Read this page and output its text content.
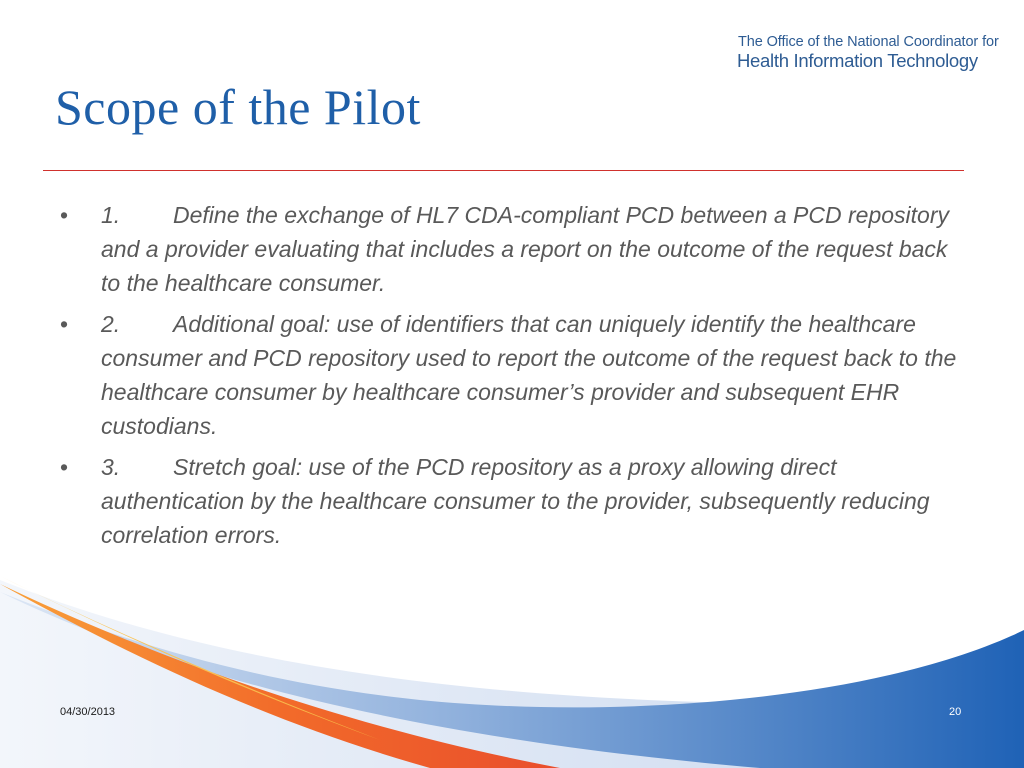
The Office of the National Coordinator for
Health Information Technology
Scope of the Pilot
• 1. Define the exchange of HL7 CDA-compliant PCD between a PCD repository and a provider evaluating that includes a report on the outcome of the request back to the healthcare consumer.
• 2. Additional goal: use of identifiers that can uniquely identify the healthcare consumer and PCD repository used to report the outcome of the request back to the healthcare consumer by healthcare consumer’s provider and subsequent EHR custodians.
• 3. Stretch goal: use of the PCD repository as a proxy allowing direct authentication by the healthcare consumer to the provider, subsequently reducing correlation errors.
04/30/2013	20
